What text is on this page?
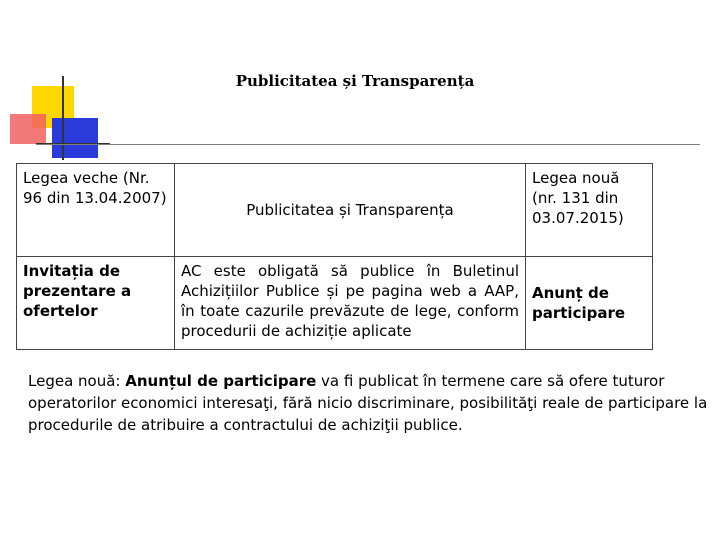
Publicitatea și Transparența
Legea veche (Nr. 96 din 13.04.2007)	Publicitatea și Transparența	Legea nouă (nr. 131 din 03.07.2015)
Invitația de prezentare a ofertelor	AC este obligată să publice în Buletinul Achizițiilor Publice și pe pagina web a AAP, în toate cazurile prevăzute de lege, conform procedurii de achiziție aplicate	Anunț de participare
Legea nouă: Anunțul de participare va fi publicat în termene care să ofere tuturor operatorilor economici interesaţi, fără nicio discriminare, posibilităţi reale de participare la procedurile de atribuire a contractului de achiziţii publice.
